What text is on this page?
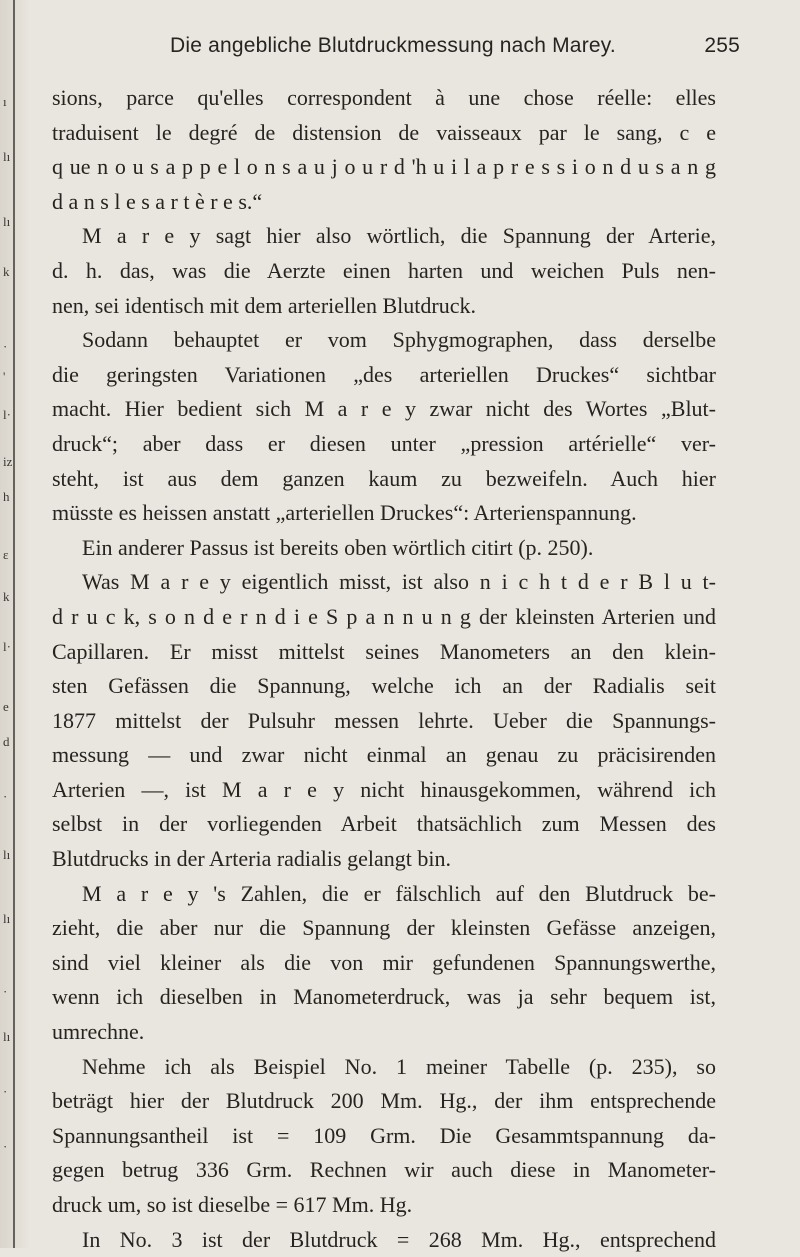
ı
lı
lı
k
·
'
l·
iz
h
ɛ
k
l·
e
d
·
lı
lı
·
lı
·
·
Die angebliche Blutdruckmessung nach Marey.	255
sions, parce qu'elles correspondent à une chose réelle: elles
traduisent le degré de distension de vaisseaux par le sang, c e
q ue n o u s a p p e l o n s a u j o u r d 'h u i l a p r e s s i o n d u s a n g
d a n s l e s a r t è r e s.“
M a r e y sagt hier also wörtlich, die Spannung der Arterie,
d. h. das, was die Aerzte einen harten und weichen Puls nen-
nen, sei identisch mit dem arteriellen Blutdruck.
Sodann behauptet er vom Sphygmographen, dass derselbe
die geringsten Variationen „des arteriellen Druckes“ sichtbar
macht. Hier bedient sich M a r e y zwar nicht des Wortes „Blut-
druck“; aber dass er diesen unter „pression artérielle“ ver-
steht, ist aus dem ganzen kaum zu bezweifeln. Auch hier
müsste es heissen anstatt „arteriellen Druckes“: Arterienspannung.
Ein anderer Passus ist bereits oben wörtlich citirt (p. 250).
Was M a r e y eigentlich misst, ist also n i c h t d e r B l u t-
d r u c k, s o n d e r n d i e S p a n n u n g der kleinsten Arterien und
Capillaren. Er misst mittelst seines Manometers an den klein-
sten Gefässen die Spannung, welche ich an der Radialis seit
1877 mittelst der Pulsuhr messen lehrte. Ueber die Spannungs-
messung — und zwar nicht einmal an genau zu präcisirenden
Arterien —, ist M a r e y nicht hinausgekommen, während ich
selbst in der vorliegenden Arbeit thatsächlich zum Messen des
Blutdrucks in der Arteria radialis gelangt bin.
M a r e y 's Zahlen, die er fälschlich auf den Blutdruck be-
zieht, die aber nur die Spannung der kleinsten Gefässe anzeigen,
sind viel kleiner als die von mir gefundenen Spannungswerthe,
wenn ich dieselben in Manometerdruck, was ja sehr bequem ist,
umrechne.
Nehme ich als Beispiel No. 1 meiner Tabelle (p. 235), so
beträgt hier der Blutdruck 200 Mm. Hg., der ihm entsprechende
Spannungsantheil ist = 109 Grm. Die Gesammtspannung da-
gegen betrug 336 Grm. Rechnen wir auch diese in Manometer-
druck um, so ist dieselbe = 617 Mm. Hg.
In No. 3 ist der Blutdruck = 268 Mm. Hg., entsprechend
